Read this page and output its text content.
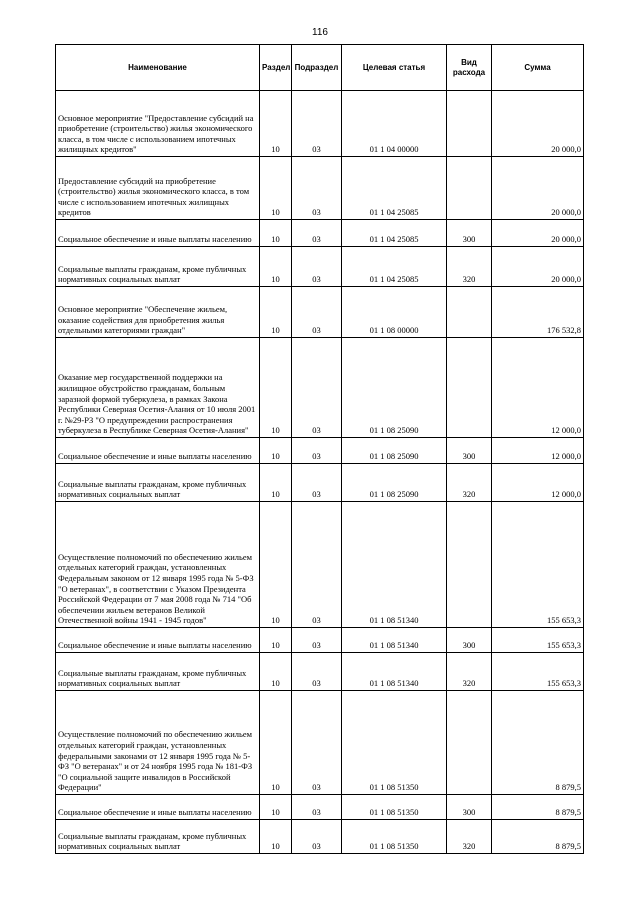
116
Наименование	Раздел	Подраздел	Целевая статья	Вид расхода	Сумма
Основное мероприятие "Предоставление субсидий на приобретение (строительство) жилья экономического класса, в том числе с использованием ипотечных жилищных кредитов"	10	03	01 1 04 00000		20 000,0
Предоставление субсидий на приобретение (строительство) жилья экономического класса, в том числе с использованием ипотечных жилищных кредитов	10	03	01 1 04 25085		20 000,0
Социальное обеспечение и иные выплаты населению	10	03	01 1 04 25085	300	20 000,0
Социальные выплаты гражданам, кроме публичных нормативных социальных выплат	10	03	01 1 04 25085	320	20 000,0
Основное мероприятие "Обеспечение жильем, оказание содействия для приобретения жилья отдельными категориями граждан"	10	03	01 1 08 00000		176 532,8
Оказание мер государственной поддержки на жилищное обустройство гражданам, больным заразной формой туберкулеза, в рамках Закона Республики Северная Осетия-Алания от 10 июля 2001 г. №29-РЗ "О предупреждении распространения туберкулеза в Республике Северная Осетия-Алания"	10	03	01 1 08 25090		12 000,0
Социальное обеспечение и иные выплаты населению	10	03	01 1 08 25090	300	12 000,0
Социальные выплаты гражданам, кроме публичных нормативных социальных выплат	10	03	01 1 08 25090	320	12 000,0
Осуществление полномочий по обеспечению жильем отдельных категорий граждан, установленных Федеральным законом от 12 января 1995 года № 5-ФЗ "О ветеранах", в соответствии с Указом Президента Российской Федерации от 7 мая 2008 года № 714 "Об обеспечении жильем ветеранов Великой Отечественной войны 1941 - 1945 годов"	10	03	01 1 08 51340		155 653,3
Социальное обеспечение и иные выплаты населению	10	03	01 1 08 51340	300	155 653,3
Социальные выплаты гражданам, кроме публичных нормативных социальных выплат	10	03	01 1 08 51340	320	155 653,3
Осуществление полномочий по обеспечению жильем отдельных категорий граждан, установленных федеральными законами от 12 января 1995 года № 5-ФЗ "О ветеранах" и от 24 ноября 1995 года № 181-ФЗ "О социальной защите инвалидов в Российской Федерации"	10	03	01 1 08 51350		8 879,5
Социальное обеспечение и иные выплаты населению	10	03	01 1 08 51350	300	8 879,5
Социальные выплаты гражданам, кроме публичных нормативных социальных выплат	10	03	01 1 08 51350	320	8 879,5
